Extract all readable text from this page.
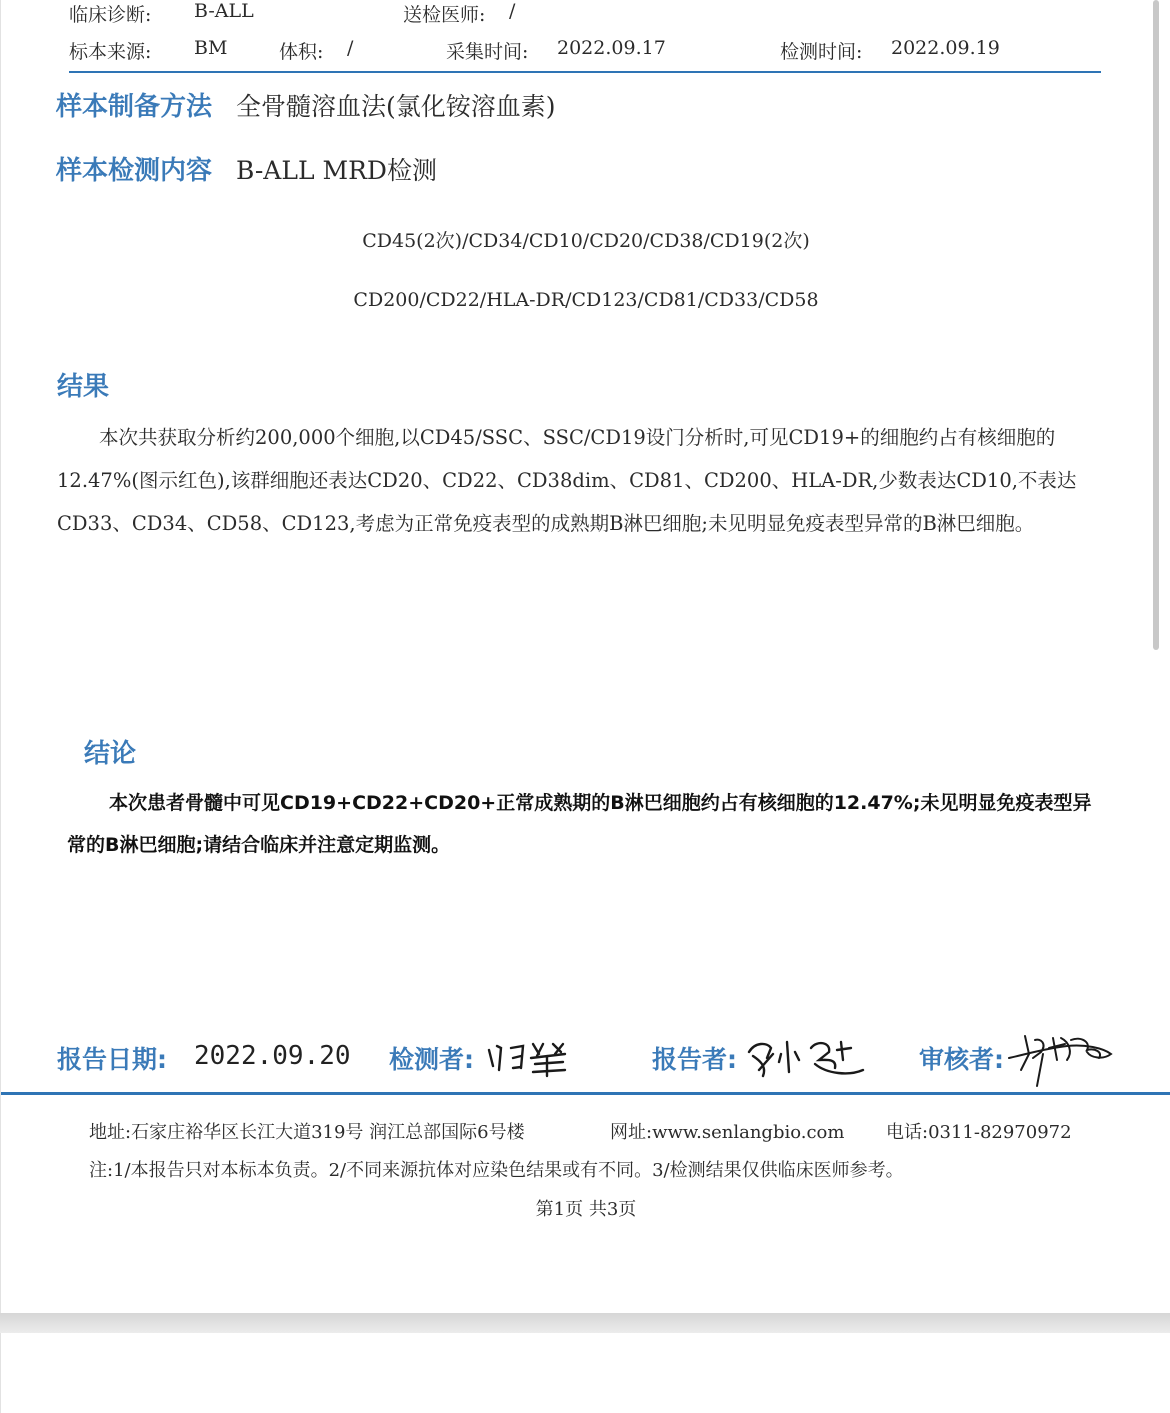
临床诊断: B-ALL	送检医师: /
标本来源: BM	体积: /	采集时间: 2022.09.17	检测时间: 2022.09.19
样本制备方法 全骨髓溶血法(氯化铵溶血素)
样本检测内容 B-ALL MRD检测
CD45(2次)/CD34/CD10/CD20/CD38/CD19(2次)
CD200/CD22/HLA-DR/CD123/CD81/CD33/CD58
结果

本次共获取分析约200,000个细胞,以CD45/SSC、SSC/CD19设门分析时,可见CD19+的细胞约占有核细胞的12.47%(图示红色),该群细胞还表达CD20、CD22、CD38dim、CD81、CD200、HLA-DR,少数表达CD10,不表达CD33、CD34、CD58、CD123,考虑为正常免疫表型的成熟期B淋巴细胞;未见明显免疫表型异常的B淋巴细胞。

结论

本次患者骨髓中可见CD19+CD22+CD20+正常成熟期的B淋巴细胞约占有核细胞的12.47%;未见明显免疫表型异常的B淋巴细胞;请结合临床并注意定期监测。

报告日期: 2022.09.20 检测者:	报告者:	审核者:
地址:石家庄裕华区长江大道319号 润江总部国际6号楼	网址:www.senlangbio.com 电话:0311-82970972
注:1/本报告只对本标本负责。2/不同来源抗体对应染色结果或有不同。3/检测结果仅供临床医师参考。
第1页 共3页
